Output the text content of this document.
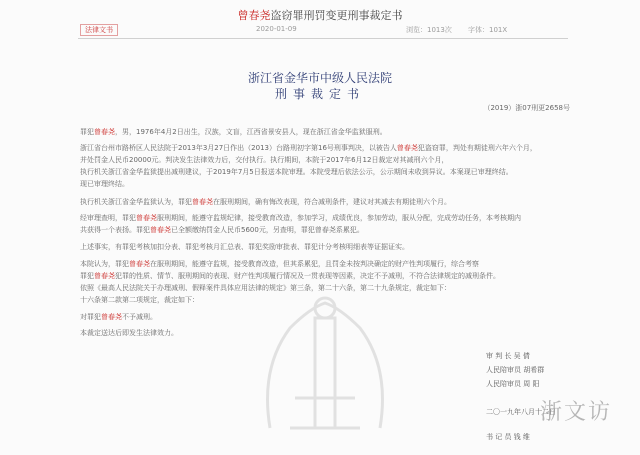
曾春尧盗窃罪刑罚变更刑事裁定书
法律文书	2020-01-09	浏览：1013次 字体：101X
浙江省金华市中级人民法院
刑事裁定书
（2019）浙07刑更2658号
罪犯曾春尧，男，1976年4月2日出生，汉族，文盲，江西省景安县人，现在浙江省金华监狱服刑。
浙江省台州市路桥区人民法院于2013年3月27日作出（2013）台路刑初字第16号刑事判决，以被告人曾春尧犯盗窃罪，判处有期徒刑六年六个月，
并处罚金人民币20000元。判决发生法律效力后，交付执行。执行期间，本院于2017年6月12日裁定对其减刑六个月，
执行机关浙江省金华监狱提出减刑建议，于2019年7月5日报送本院审理。本院受理后依法公示，公示期间未收到异议。本案现已审理终结。
现已审理终结。
执行机关浙江省金华监狱认为，罪犯曾春尧在服刑期间，确有悔改表现，符合减刑条件，建议对其减去有期徒刑六个月。
经审理查明，罪犯曾春尧服刑期间，能遵守监规纪律，接受教育改造，参加学习，成绩优良，参加劳动，服从分配，完成劳动任务，本考核期内
共获得一个表扬。罪犯曾春尧已全额缴纳罚金人民币5600元，另查明，罪犯曾春尧系累犯。
上述事实，有罪犯考核加扣分表、罪犯考核月汇总表、罪犯奖励审批表、罪犯计分考核明细表等证据证实。
本院认为，罪犯曾春尧在服刑期间，能遵守监规，接受教育改造，但其系累犯，且罚金未按判决确定的财产性判项履行，综合考察
罪犯曾春尧犯罪的性质、情节、服刑期间的表现、财产性判项履行情况及一贯表现等因素，决定不予减刑，不符合法律规定的减刑条件。
依照《最高人民法院关于办理减刑、假释案件具体应用法律的规定》第三条，第二十六条，第二十九条规定，裁定如下：
十六条第二款第二项规定，裁定如下：
对罪犯曾春尧不予减刑。
本裁定送达后即发生法律效力。
审 判 长 吴 倩
人民陪审员 胡希群
人民陪审员 周 阳
二〇一九年八月十二日
书 记 员 钱 维
浙文访
